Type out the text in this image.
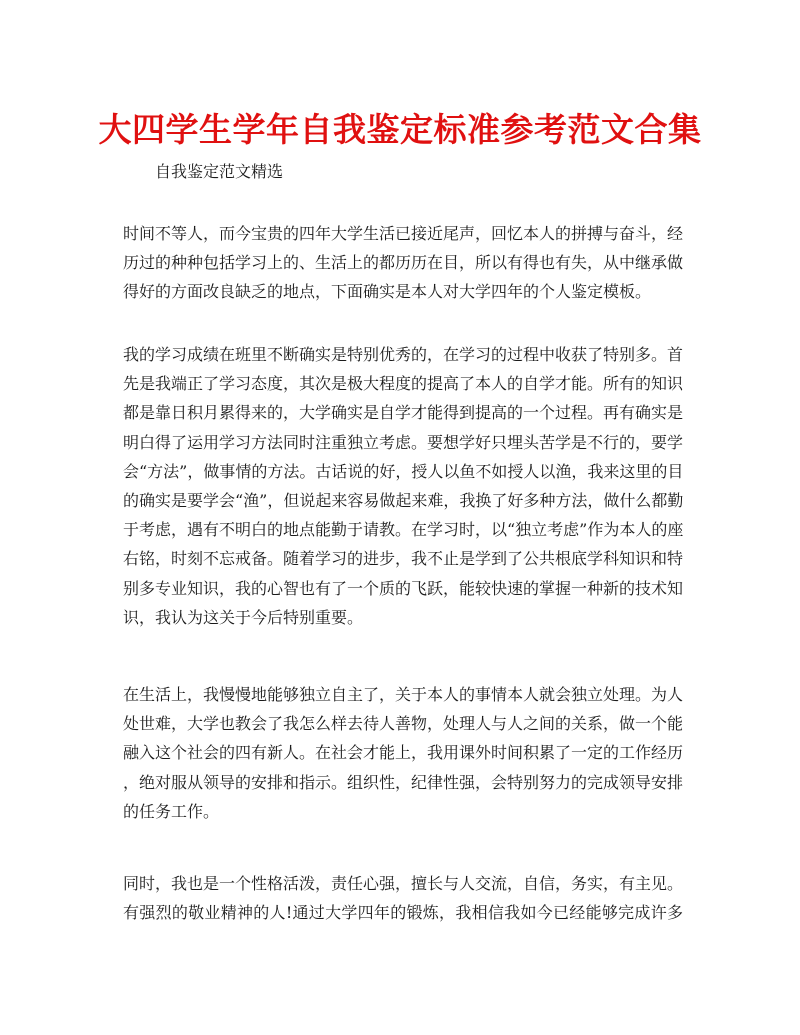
大四学生学年自我鉴定标准参考范文合集

自我鉴定范文精选

时间不等人，而今宝贵的四年大学生活已接近尾声，回忆本人的拼搏与奋斗，经
历过的种种包括学习上的、生活上的都历历在目，所以有得也有失，从中继承做
得好的方面改良缺乏的地点，下面确实是本人对大学四年的个人鉴定模板。
我的学习成绩在班里不断确实是特别优秀的，在学习的过程中收获了特别多。首
先是我端正了学习态度，其次是极大程度的提高了本人的自学才能。所有的知识
都是靠日积月累得来的，大学确实是自学才能得到提高的一个过程。再有确实是
明白得了运用学习方法同时注重独立考虑。要想学好只埋头苦学是不行的，要学
会“方法”，做事情的方法。古话说的好，授人以鱼不如授人以渔，我来这里的目
的确实是要学会“渔”，但说起来容易做起来难，我换了好多种方法，做什么都勤
于考虑，遇有不明白的地点能勤于请教。在学习时，以“独立考虑”作为本人的座
右铭，时刻不忘戒备。随着学习的进步，我不止是学到了公共根底学科知识和特
别多专业知识，我的心智也有了一个质的飞跃，能较快速的掌握一种新的技术知
识，我认为这关于今后特别重要。
在生活上，我慢慢地能够独立自主了，关于本人的事情本人就会独立处理。为人
处世难，大学也教会了我怎么样去待人善物，处理人与人之间的关系，做一个能
融入这个社会的四有新人。在社会才能上，我用课外时间积累了一定的工作经历
，绝对服从领导的安排和指示。组织性，纪律性强，会特别努力的完成领导安排
的任务工作。
同时，我也是一个性格活泼，责任心强，擅长与人交流，自信，务实，有主见。
有强烈的敬业精神的人!通过大学四年的锻炼，我相信我如今已经能够完成许多
